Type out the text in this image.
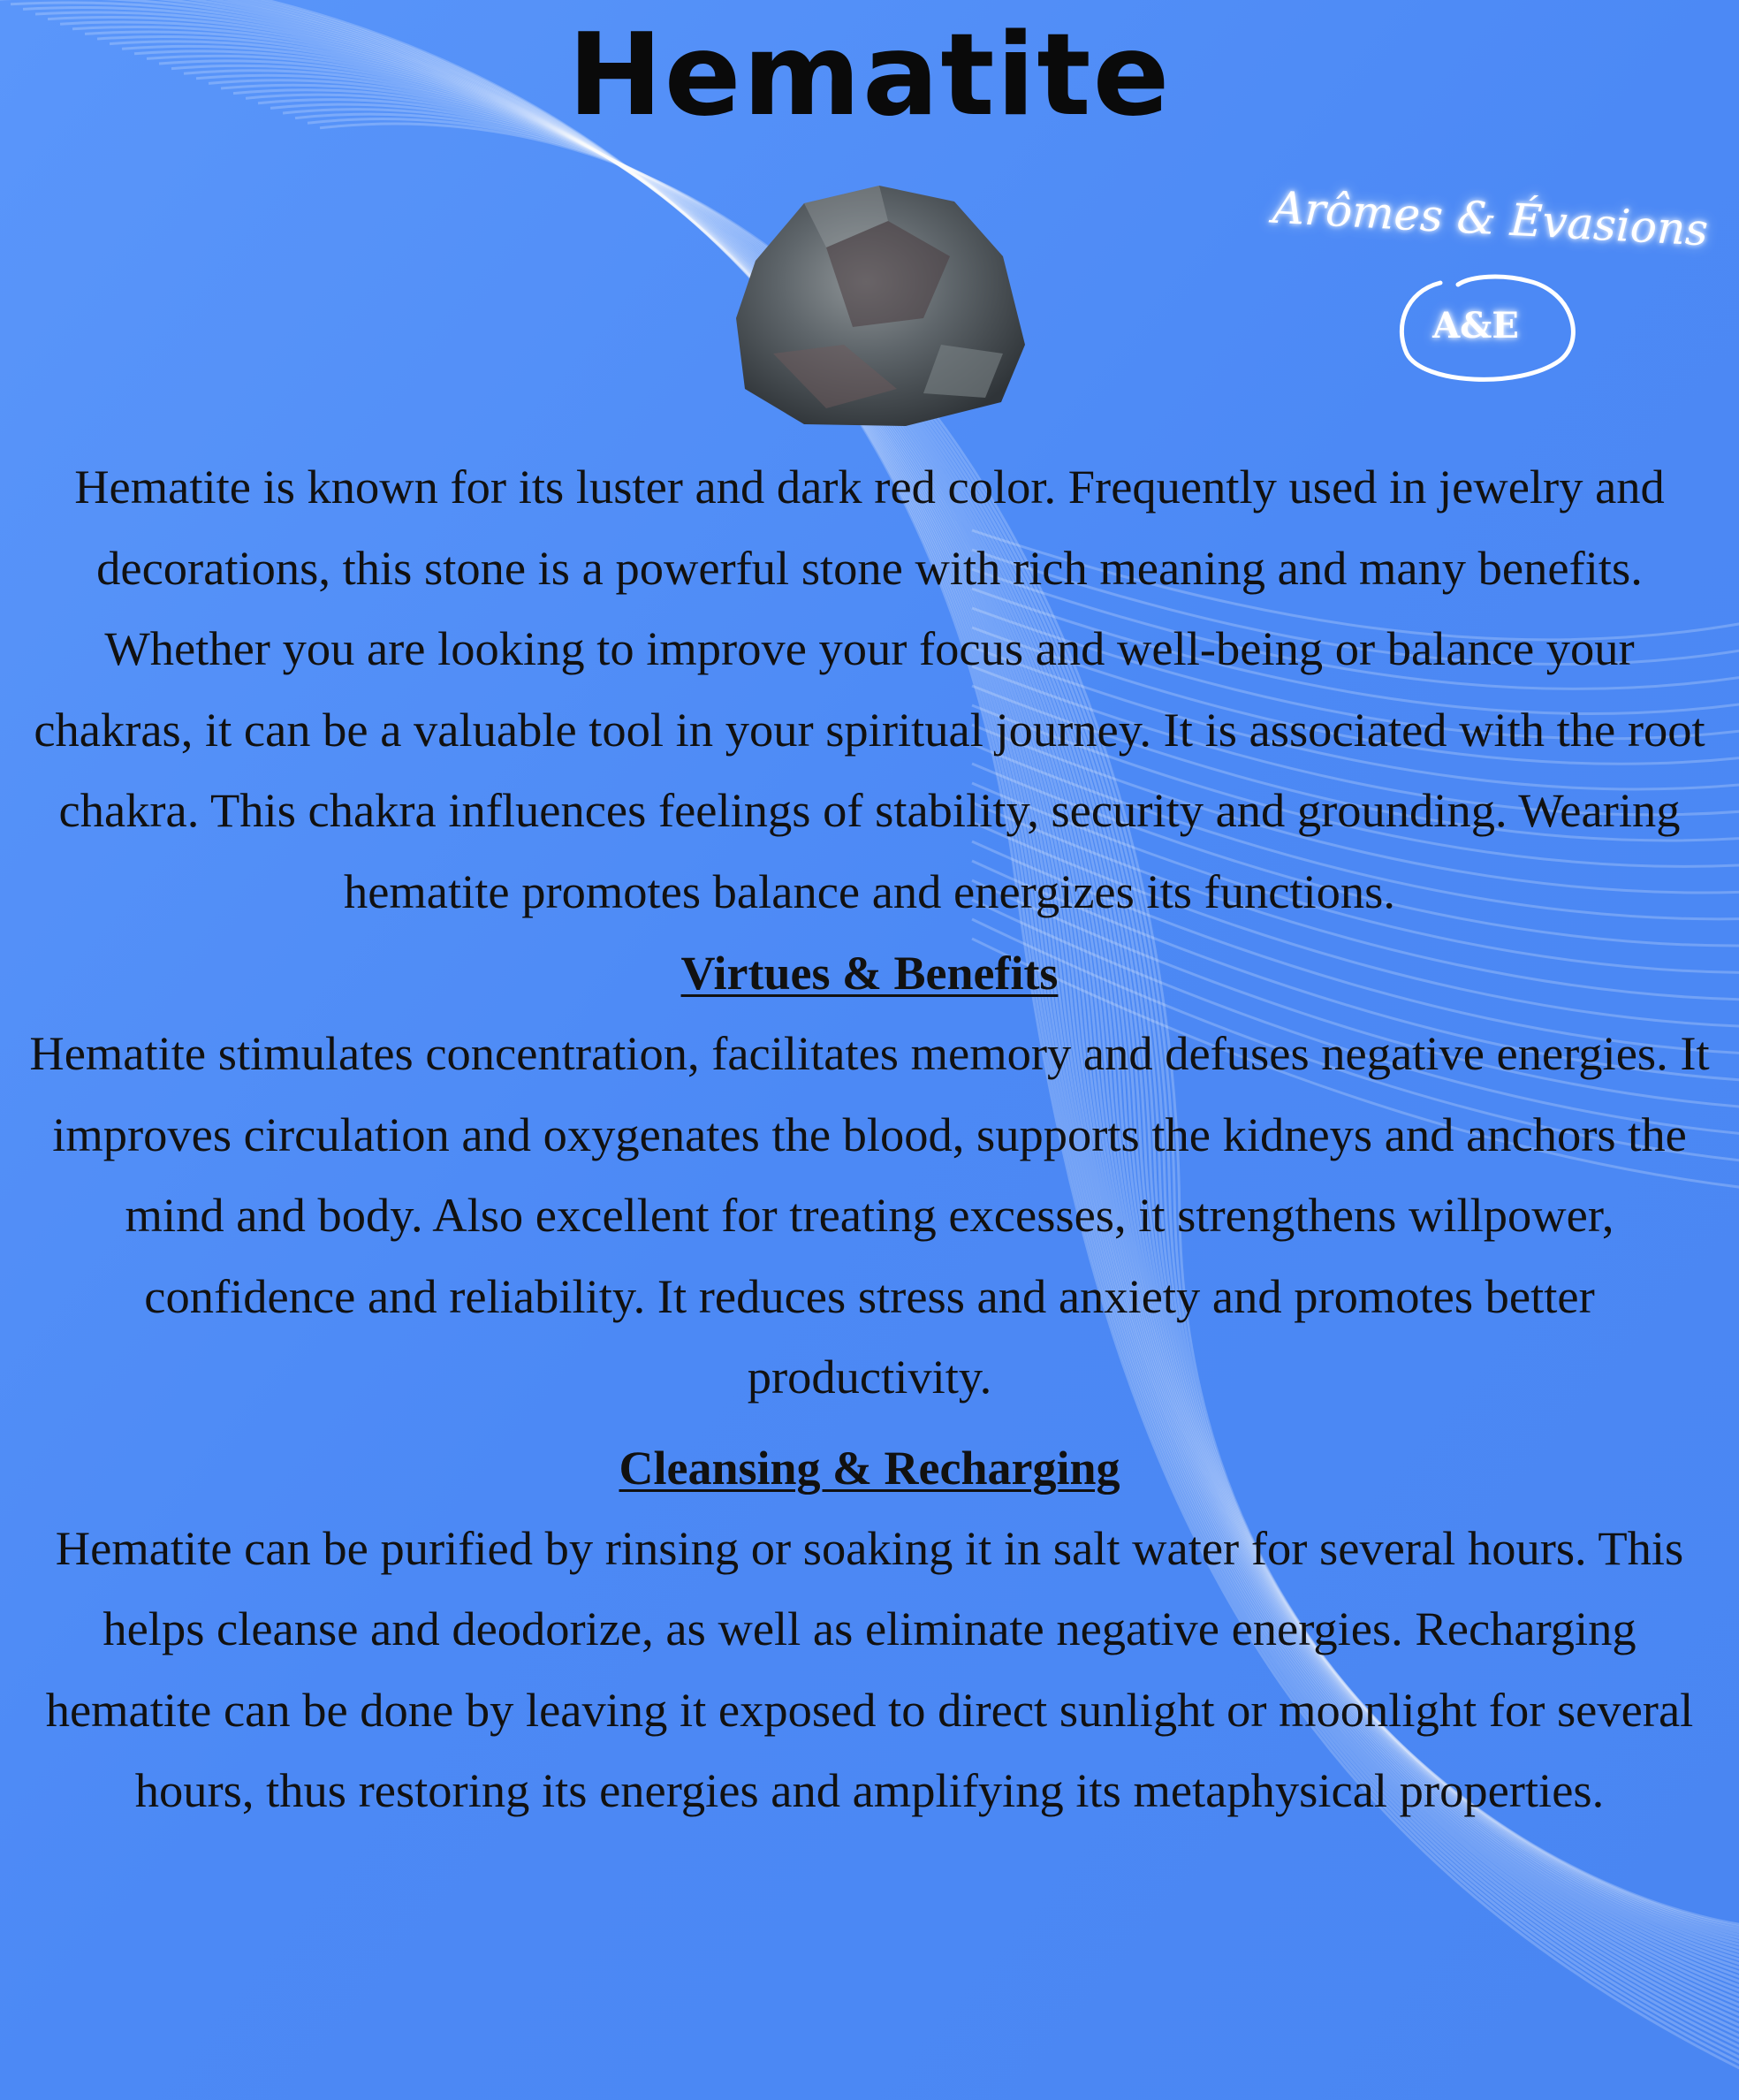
Hematite
Arômes & Évasions
A&E

Hematite is known for its luster and dark red color. Frequently used in jewelry and decorations, this stone is a powerful stone with rich meaning and many benefits. Whether you are looking to improve your focus and well-being or balance your chakras, it can be a valuable tool in your spiritual journey. It is associated with the root chakra. This chakra influences feelings of stability, security and grounding. Wearing hematite promotes balance and energizes its functions.

Virtues & Benefits

Hematite stimulates concentration, facilitates memory and defuses negative energies. It improves circulation and oxygenates the blood, supports the kidneys and anchors the mind and body. Also excellent for treating excesses, it strengthens willpower, confidence and reliability. It reduces stress and anxiety and promotes better productivity.

Cleansing & Recharging

Hematite can be purified by rinsing or soaking it in salt water for several hours. This helps cleanse and deodorize, as well as eliminate negative energies. Recharging hematite can be done by leaving it exposed to direct sunlight or moonlight for several hours, thus restoring its energies and amplifying its metaphysical properties.
